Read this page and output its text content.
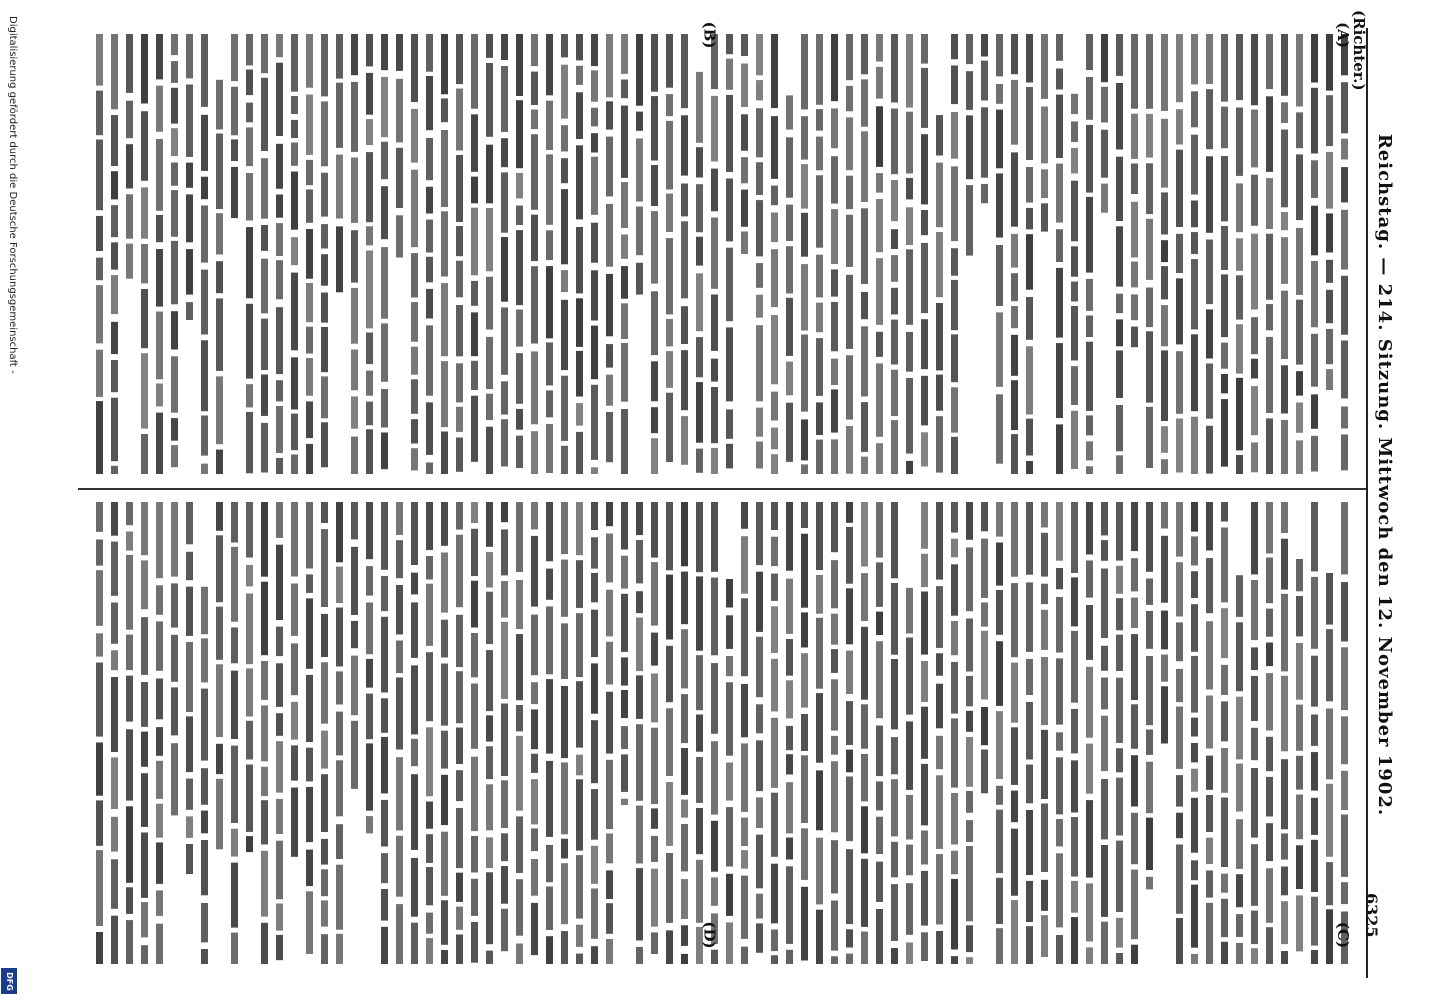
Reichstag. — 214. Sitzung. Mittwoch den 12. November 1902.
6325
(Richter.)
(A)
(B)
(C)
(D)
Digitalisierung gefördert durch die Deutsche Forschungsgemeinschaft -
DFG
